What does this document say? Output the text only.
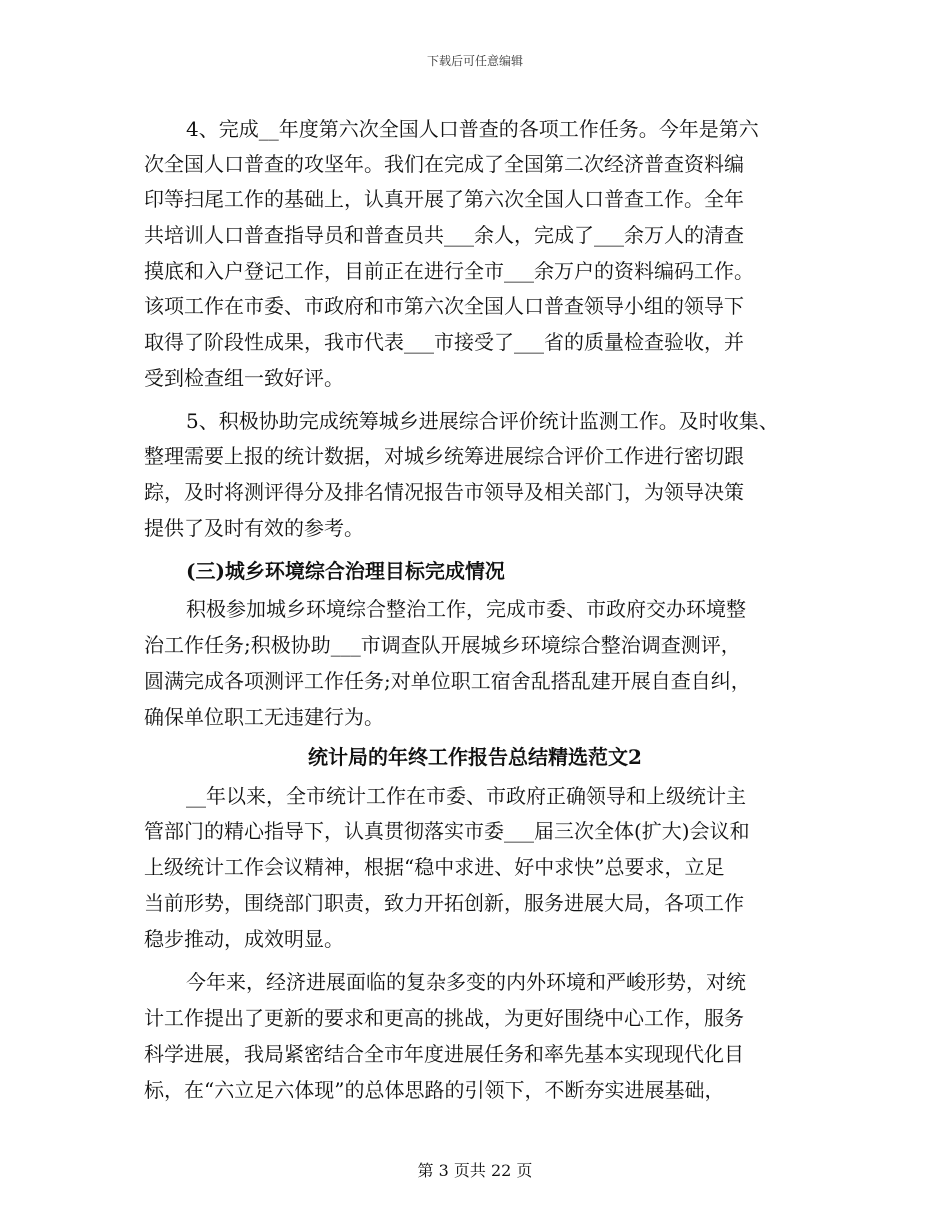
下载后可任意编辑
4、完成__年度第六次全国人口普查的各项工作任务。今年是第六
次全国人口普查的攻坚年。我们在完成了全国第二次经济普查资料编
印等扫尾工作的基础上，认真开展了第六次全国人口普查工作。全年
共培训人口普查指导员和普查员共___余人，完成了___余万人的清查
摸底和入户登记工作，目前正在进行全市___余万户的资料编码工作。
该项工作在市委、市政府和市第六次全国人口普查领导小组的领导下
取得了阶段性成果，我市代表___市接受了___省的质量检查验收，并
受到检查组一致好评。
5、积极协助完成统筹城乡进展综合评价统计监测工作。及时收集、
整理需要上报的统计数据，对城乡统筹进展综合评价工作进行密切跟
踪，及时将测评得分及排名情况报告市领导及相关部门，为领导决策
提供了及时有效的参考。
(三)城乡环境综合治理目标完成情况
积极参加城乡环境综合整治工作，完成市委、市政府交办环境整
治工作任务;积极协助___市调查队开展城乡环境综合整治调查测评，
圆满完成各项测评工作任务;对单位职工宿舍乱搭乱建开展自查自纠，
确保单位职工无违建行为。
统计局的年终工作报告总结精选范文2
__年以来，全市统计工作在市委、市政府正确领导和上级统计主
管部门的精心指导下，认真贯彻落实市委___届三次全体(扩大)会议和
上级统计工作会议精神，根据“稳中求进、好中求快”总要求，立足
当前形势，围绕部门职责，致力开拓创新，服务进展大局，各项工作
稳步推动，成效明显。
今年来，经济进展面临的复杂多变的内外环境和严峻形势，对统
计工作提出了更新的要求和更高的挑战，为更好围绕中心工作，服务
科学进展，我局紧密结合全市年度进展任务和率先基本实现现代化目
标，在“六立足六体现”的总体思路的引领下，不断夯实进展基础，
第 3 页共 22 页
